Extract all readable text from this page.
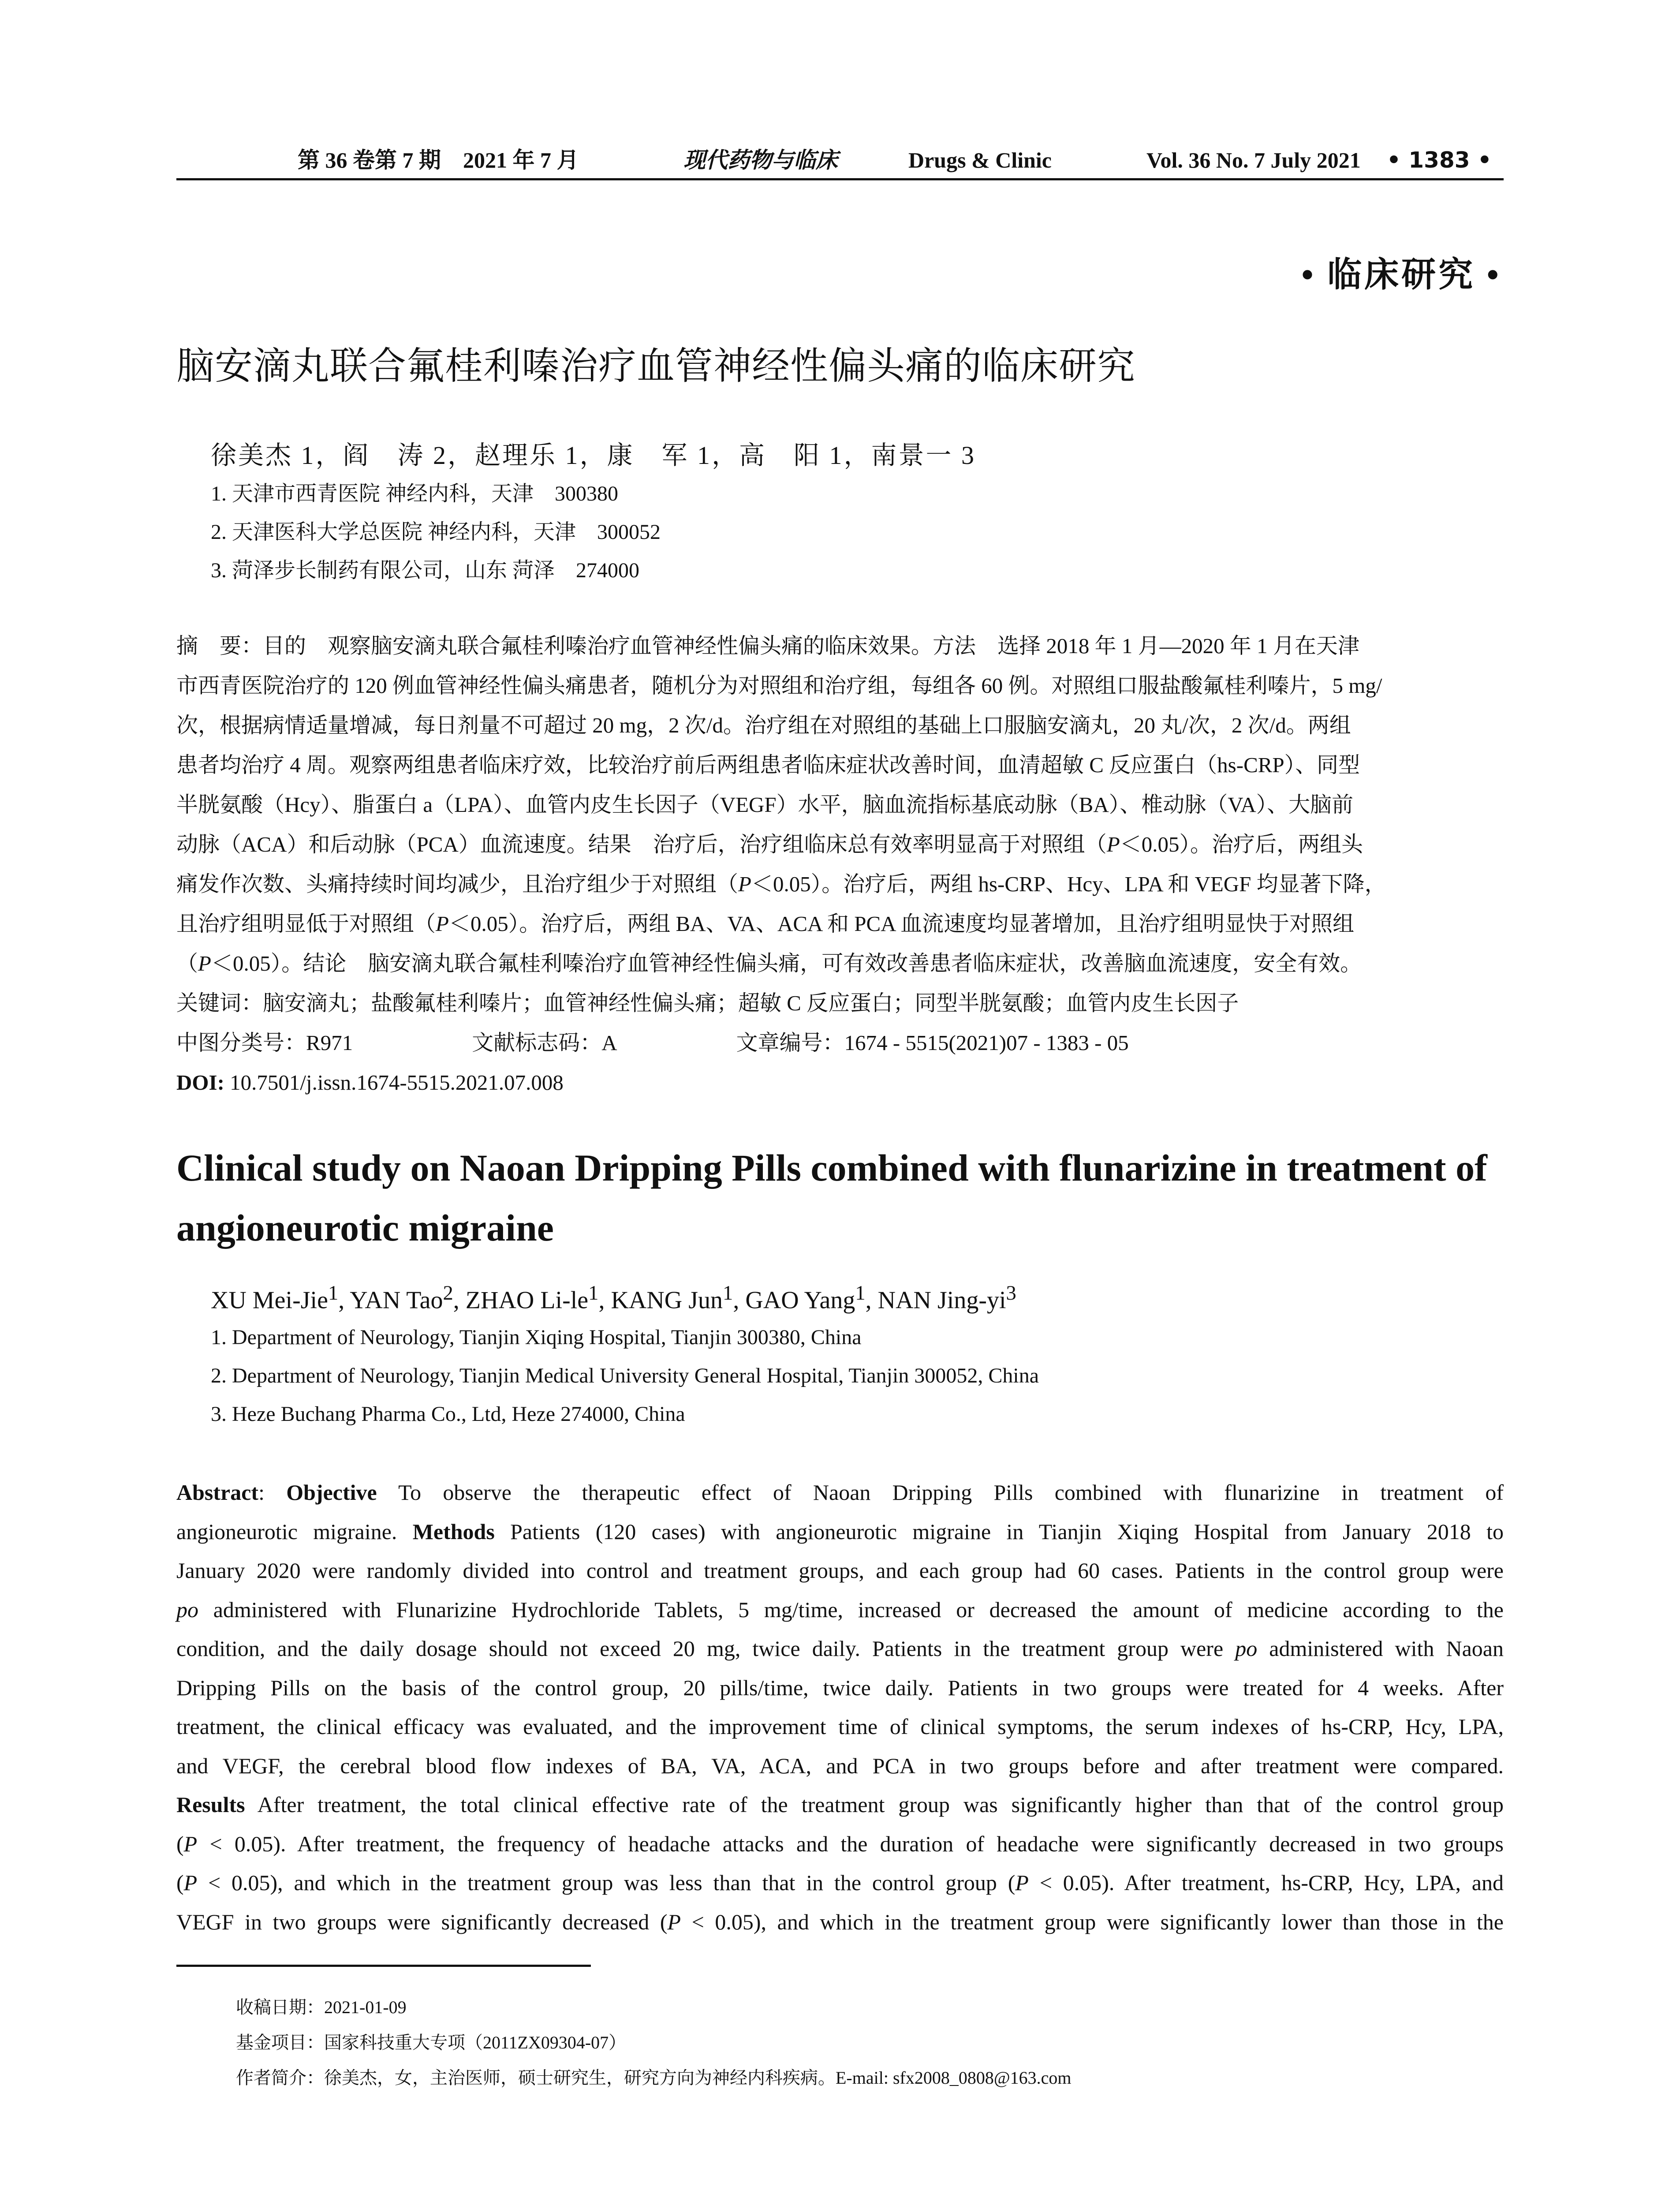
第 36 卷第 7 期　2021 年 7 月	现代药物与临床	Drugs & Clinic	Vol. 36 No. 7 July 2021 • 1383 •
• 临床研究 •
脑安滴丸联合氟桂利嗪治疗血管神经性偏头痛的临床研究
徐美杰 1，阎　涛 2，赵理乐 1，康　军 1，高　阳 1，南景一 3
1. 天津市西青医院 神经内科，天津　300380
2. 天津医科大学总医院 神经内科，天津　300052
3. 菏泽步长制药有限公司，山东 菏泽　274000
摘　要：目的　观察脑安滴丸联合氟桂利嗪治疗血管神经性偏头痛的临床效果。方法　选择 2018 年 1 月—2020 年 1 月在天津
市西青医院治疗的 120 例血管神经性偏头痛患者，随机分为对照组和治疗组，每组各 60 例。对照组口服盐酸氟桂利嗪片，5 mg/
次，根据病情适量增减，每日剂量不可超过 20 mg，2 次/d。治疗组在对照组的基础上口服脑安滴丸，20 丸/次，2 次/d。两组
患者均治疗 4 周。观察两组患者临床疗效，比较治疗前后两组患者临床症状改善时间，血清超敏 C 反应蛋白（hs-CRP）、同型
半胱氨酸（Hcy）、脂蛋白 a（LPA）、血管内皮生长因子（VEGF）水平，脑血流指标基底动脉（BA）、椎动脉（VA）、大脑前
动脉（ACA）和后动脉（PCA）血流速度。结果　治疗后，治疗组临床总有效率明显高于对照组（P＜0.05）。治疗后，两组头
痛发作次数、头痛持续时间均减少，且治疗组少于对照组（P＜0.05）。治疗后，两组 hs-CRP、Hcy、LPA 和 VEGF 均显著下降，
且治疗组明显低于对照组（P＜0.05）。治疗后，两组 BA、VA、ACA 和 PCA 血流速度均显著增加，且治疗组明显快于对照组
（P＜0.05）。结论　脑安滴丸联合氟桂利嗪治疗血管神经性偏头痛，可有效改善患者临床症状，改善脑血流速度，安全有效。
关键词：脑安滴丸；盐酸氟桂利嗪片；血管神经性偏头痛；超敏 C 反应蛋白；同型半胱氨酸；血管内皮生长因子
中图分类号：R971	文献标志码：A	文章编号：1674 - 5515(2021)07 - 1383 - 05
DOI: 10.7501/j.issn.1674-5515.2021.07.008
Clinical study on Naoan Dripping Pills combined with flunarizine in treatment of angioneurotic migraine
XU Mei-Jie$^1$, YAN Tao$^2$, ZHAO $Li-le^1$, KANG Jun$^1$, GAO Yang$^1$, NAN Jing-$yi^3$
1. Department of Neurology, Tianjin Xiqing Hospital, Tianjin 300380, China
2. Department of Neurology, Tianjin Medical University General Hospital, Tianjin 300052, China
3. Heze Buchang Pharma Co., Ltd, Heze 274000, China
Abstract: Objective To observe the therapeutic effect of Naoan Dripping Pills combined with flunarizine in treatment of
angioneurotic migraine. Methods Patients (120 cases) with angioneurotic migraine in Tianjin Xiqing Hospital from January 2018 to
January 2020 were randomly divided into control and treatment groups, and each group had 60 cases. Patients in the control group were
po administered with Flunarizine Hydrochloride Tablets, 5 mg/time, increased or decreased the amount of medicine according to the
condition, and the daily dosage should not exceed 20 mg, twice daily. Patients in the treatment group were po administered with Naoan
Dripping Pills on the basis of the control group, 20 pills/time, twice daily. Patients in two groups were treated for 4 weeks. After
treatment, the clinical efficacy was evaluated, and the improvement time of clinical symptoms, the serum indexes of hs-CRP, Hcy, LPA,
and VEGF, the cerebral blood flow indexes of BA, VA, ACA, and PCA in two groups before and after treatment were compared.
Results After treatment, the total clinical effective rate of the treatment group was significantly higher than that of the control group
(P < 0.05). After treatment, the frequency of headache attacks and the duration of headache were significantly decreased in two groups
(P < 0.05), and which in the treatment group was less than that in the control group (P < 0.05). After treatment, hs-CRP, Hcy, LPA, and
VEGF in two groups were significantly decreased (P < 0.05), and which in the treatment group were significantly lower than those in the
收稿日期：2021-01-09
基金项目：国家科技重大专项（2011ZX09304-07）
作者简介：徐美杰，女，主治医师，硕士研究生，研究方向为神经内科疾病。E-mail: sfx2008_0808@163.com
